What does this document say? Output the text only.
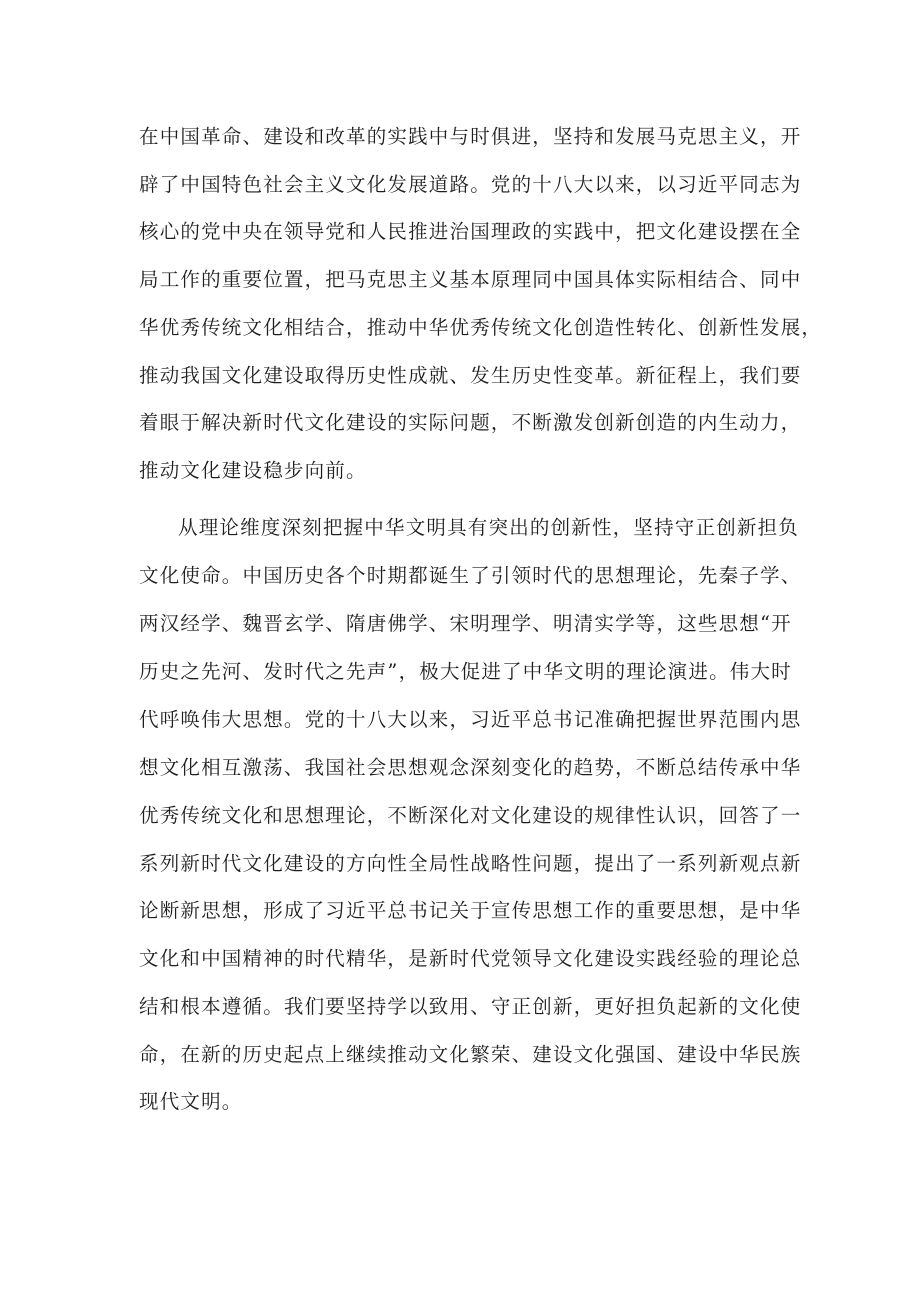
在中国革命、建设和改革的实践中与时俱进，坚持和发展马克思主义，开
辟了中国特色社会主义文化发展道路。党的十八大以来，以习近平同志为
核心的党中央在领导党和人民推进治国理政的实践中，把文化建设摆在全
局工作的重要位置，把马克思主义基本原理同中国具体实际相结合、同中
华优秀传统文化相结合，推动中华优秀传统文化创造性转化、创新性发展，
推动我国文化建设取得历史性成就、发生历史性变革。新征程上，我们要
着眼于解决新时代文化建设的实际问题，不断激发创新创造的内生动力，
推动文化建设稳步向前。
从理论维度深刻把握中华文明具有突出的创新性，坚持守正创新担负
文化使命。中国历史各个时期都诞生了引领时代的思想理论，先秦子学、
两汉经学、魏晋玄学、隋唐佛学、宋明理学、明清实学等，这些思想“开
历史之先河、发时代之先声”，极大促进了中华文明的理论演进。伟大时
代呼唤伟大思想。党的十八大以来，习近平总书记准确把握世界范围内思
想文化相互激荡、我国社会思想观念深刻变化的趋势，不断总结传承中华
优秀传统文化和思想理论，不断深化对文化建设的规律性认识，回答了一
系列新时代文化建设的方向性全局性战略性问题，提出了一系列新观点新
论断新思想，形成了习近平总书记关于宣传思想工作的重要思想，是中华
文化和中国精神的时代精华，是新时代党领导文化建设实践经验的理论总
结和根本遵循。我们要坚持学以致用、守正创新，更好担负起新的文化使
命，在新的历史起点上继续推动文化繁荣、建设文化强国、建设中华民族
现代文明。
